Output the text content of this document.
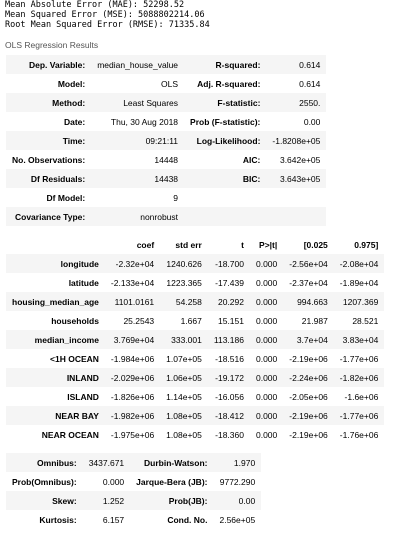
Mean Absolute Error (MAE): 52298.52
Mean Squared Error (MSE): 5088802214.06
Root Mean Squared Error (RMSE): 71335.84
OLS Regression Results
Dep. Variable:	median_house_value	R-squared:	0.614
Model:	OLS	Adj. R-squared:	0.614
Method:	Least Squares	F-statistic:	2550.
Date:	Thu, 30 Aug 2018	Prob (F-statistic):	0.00
Time:	09:21:11	Log-Likelihood:	-1.8208e+05
No. Observations:	14448	AIC:	3.642e+05
Df Residuals:	14438	BIC:	3.643e+05
Df Model:	9		
Covariance Type:	nonrobust		
	coef	std err	t	P>|t|	[0.025	0.975]
longitude	-2.32e+04	1240.626	-18.700	0.000	-2.56e+04	-2.08e+04
latitude	-2.133e+04	1223.365	-17.439	0.000	-2.37e+04	-1.89e+04
housing_median_age	1101.0161	54.258	20.292	0.000	994.663	1207.369
households	25.2543	1.667	15.151	0.000	21.987	28.521
median_income	3.769e+04	333.001	113.186	0.000	3.7e+04	3.83e+04
<1H OCEAN	-1.984e+06	1.07e+05	-18.516	0.000	-2.19e+06	-1.77e+06
INLAND	-2.029e+06	1.06e+05	-19.172	0.000	-2.24e+06	-1.82e+06
ISLAND	-1.826e+06	1.14e+05	-16.056	0.000	-2.05e+06	-1.6e+06
NEAR BAY	-1.982e+06	1.08e+05	-18.412	0.000	-2.19e+06	-1.77e+06
NEAR OCEAN	-1.975e+06	1.08e+05	-18.360	0.000	-2.19e+06	-1.76e+06
Omnibus:	3437.671	Durbin-Watson:	1.970
Prob(Omnibus):	0.000	Jarque-Bera (JB):	9772.290
Skew:	1.252	Prob(JB):	0.00
Kurtosis:	6.157	Cond. No.	2.56e+05
